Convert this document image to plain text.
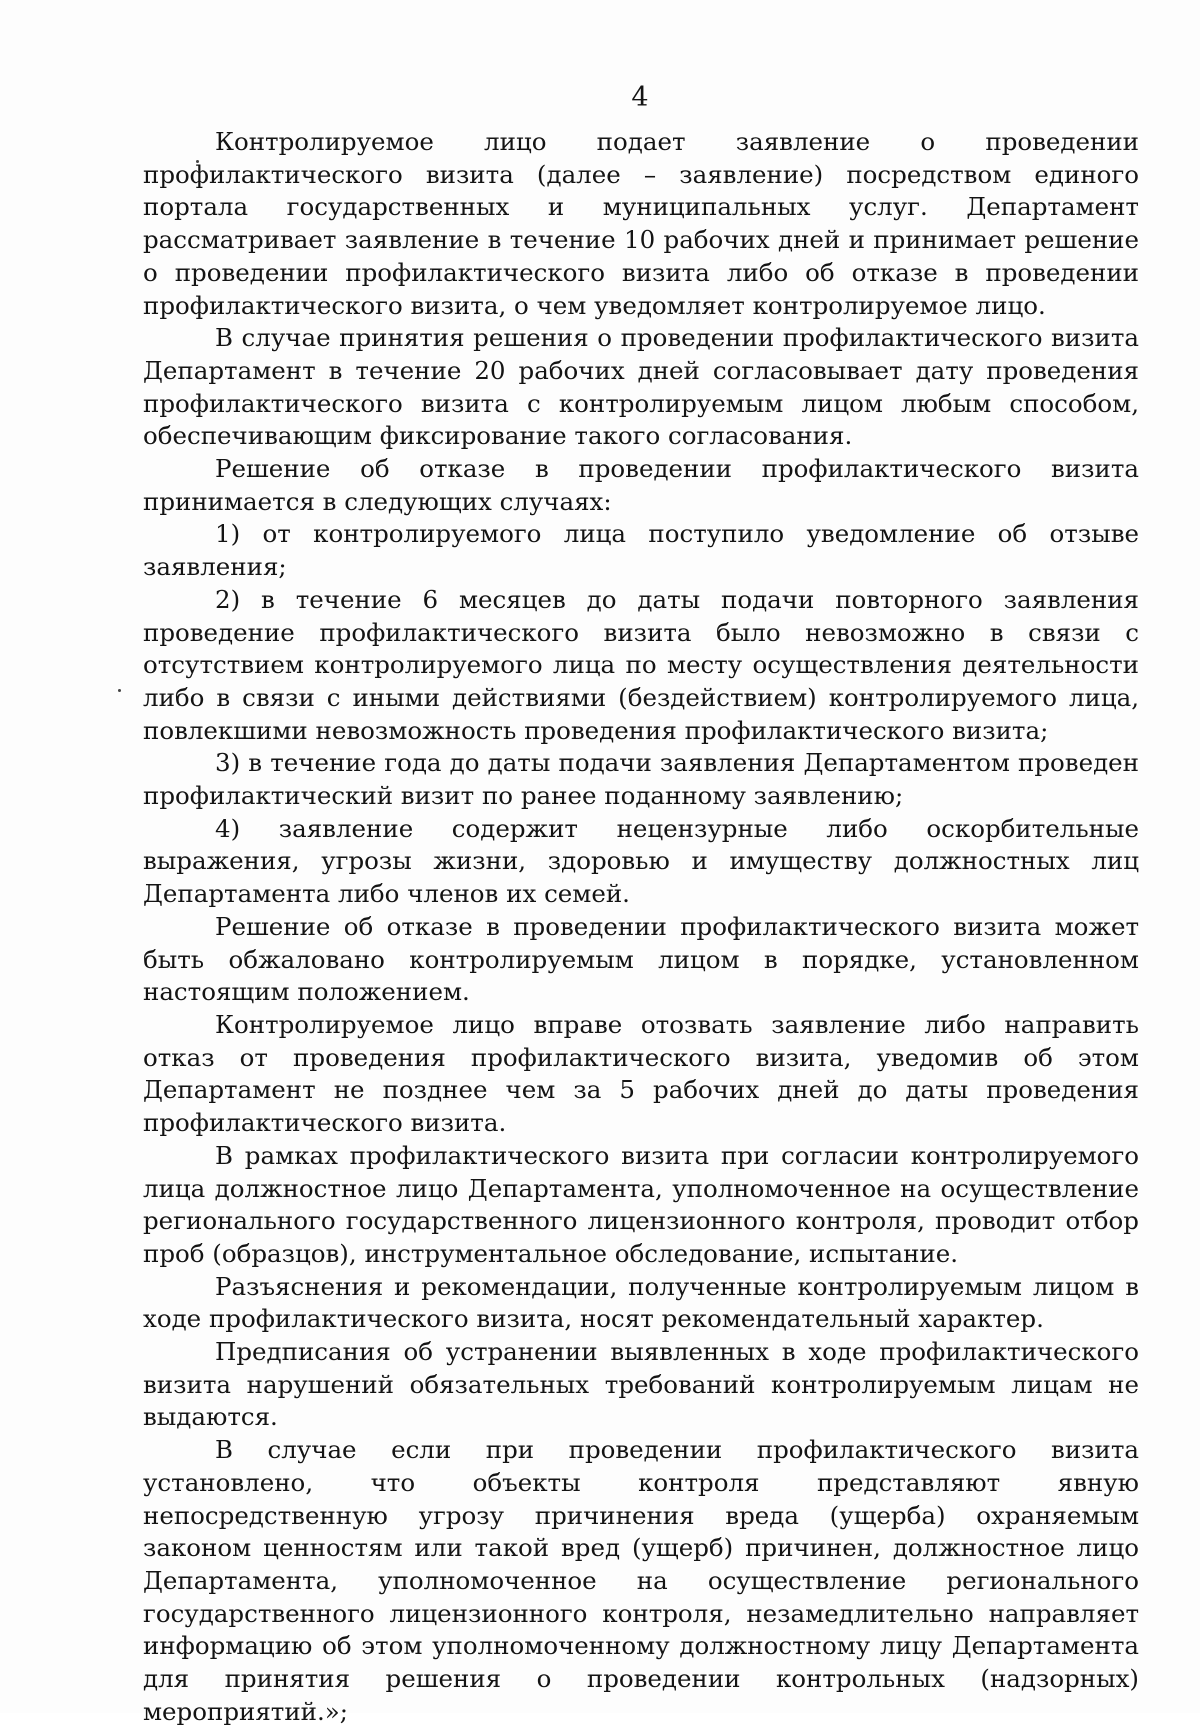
4

Контролируемое лицо подает заявление о проведении профилактического визита (далее – заявление) посредством единого портала государственных и муниципальных услуг. Департамент рассматривает заявление в течение 10 рабочих дней и принимает решение о проведении профилактического визита либо об отказе в проведении профилактического визита, о чем уведомляет контролируемое лицо.

В случае принятия решения о проведении профилактического визита Департамент в течение 20 рабочих дней согласовывает дату проведения профилактического визита с контролируемым лицом любым способом, обеспечивающим фиксирование такого согласования.

Решение об отказе в проведении профилактического визита принимается в следующих случаях:

1) от контролируемого лица поступило уведомление об отзыве заявления;

2) в течение 6 месяцев до даты подачи повторного заявления проведение профилактического визита было невозможно в связи с отсутствием контролируемого лица по месту осуществления деятельности либо в связи с иными действиями (бездействием) контролируемого лица, повлекшими невозможность проведения профилактического визита;

3) в течение года до даты подачи заявления Департаментом проведен профилактический визит по ранее поданному заявлению;

4) заявление содержит нецензурные либо оскорбительные выражения, угрозы жизни, здоровью и имуществу должностных лиц Департамента либо членов их семей.

Решение об отказе в проведении профилактического визита может быть обжаловано контролируемым лицом в порядке, установленном настоящим положением.

Контролируемое лицо вправе отозвать заявление либо направить отказ от проведения профилактического визита, уведомив об этом Департамент не позднее чем за 5 рабочих дней до даты проведения профилактического визита.

В рамках профилактического визита при согласии контролируемого лица должностное лицо Департамента, уполномоченное на осуществление регионального государственного лицензионного контроля, проводит отбор проб (образцов), инструментальное обследование, испытание.

Разъяснения и рекомендации, полученные контролируемым лицом в ходе профилактического визита, носят рекомендательный характер.

Предписания об устранении выявленных в ходе профилактического визита нарушений обязательных требований контролируемым лицам не выдаются.

В случае если при проведении профилактического визита установлено, что объекты контроля представляют явную непосредственную угрозу причинения вреда (ущерба) охраняемым законом ценностям или такой вред (ущерб) причинен, должностное лицо Департамента, уполномоченное на осуществление регионального государственного лицензионного контроля, незамедлительно направляет информацию об этом уполномоченному должностному лицу Департамента для принятия решения о проведении контрольных (надзорных) мероприятий.»;
